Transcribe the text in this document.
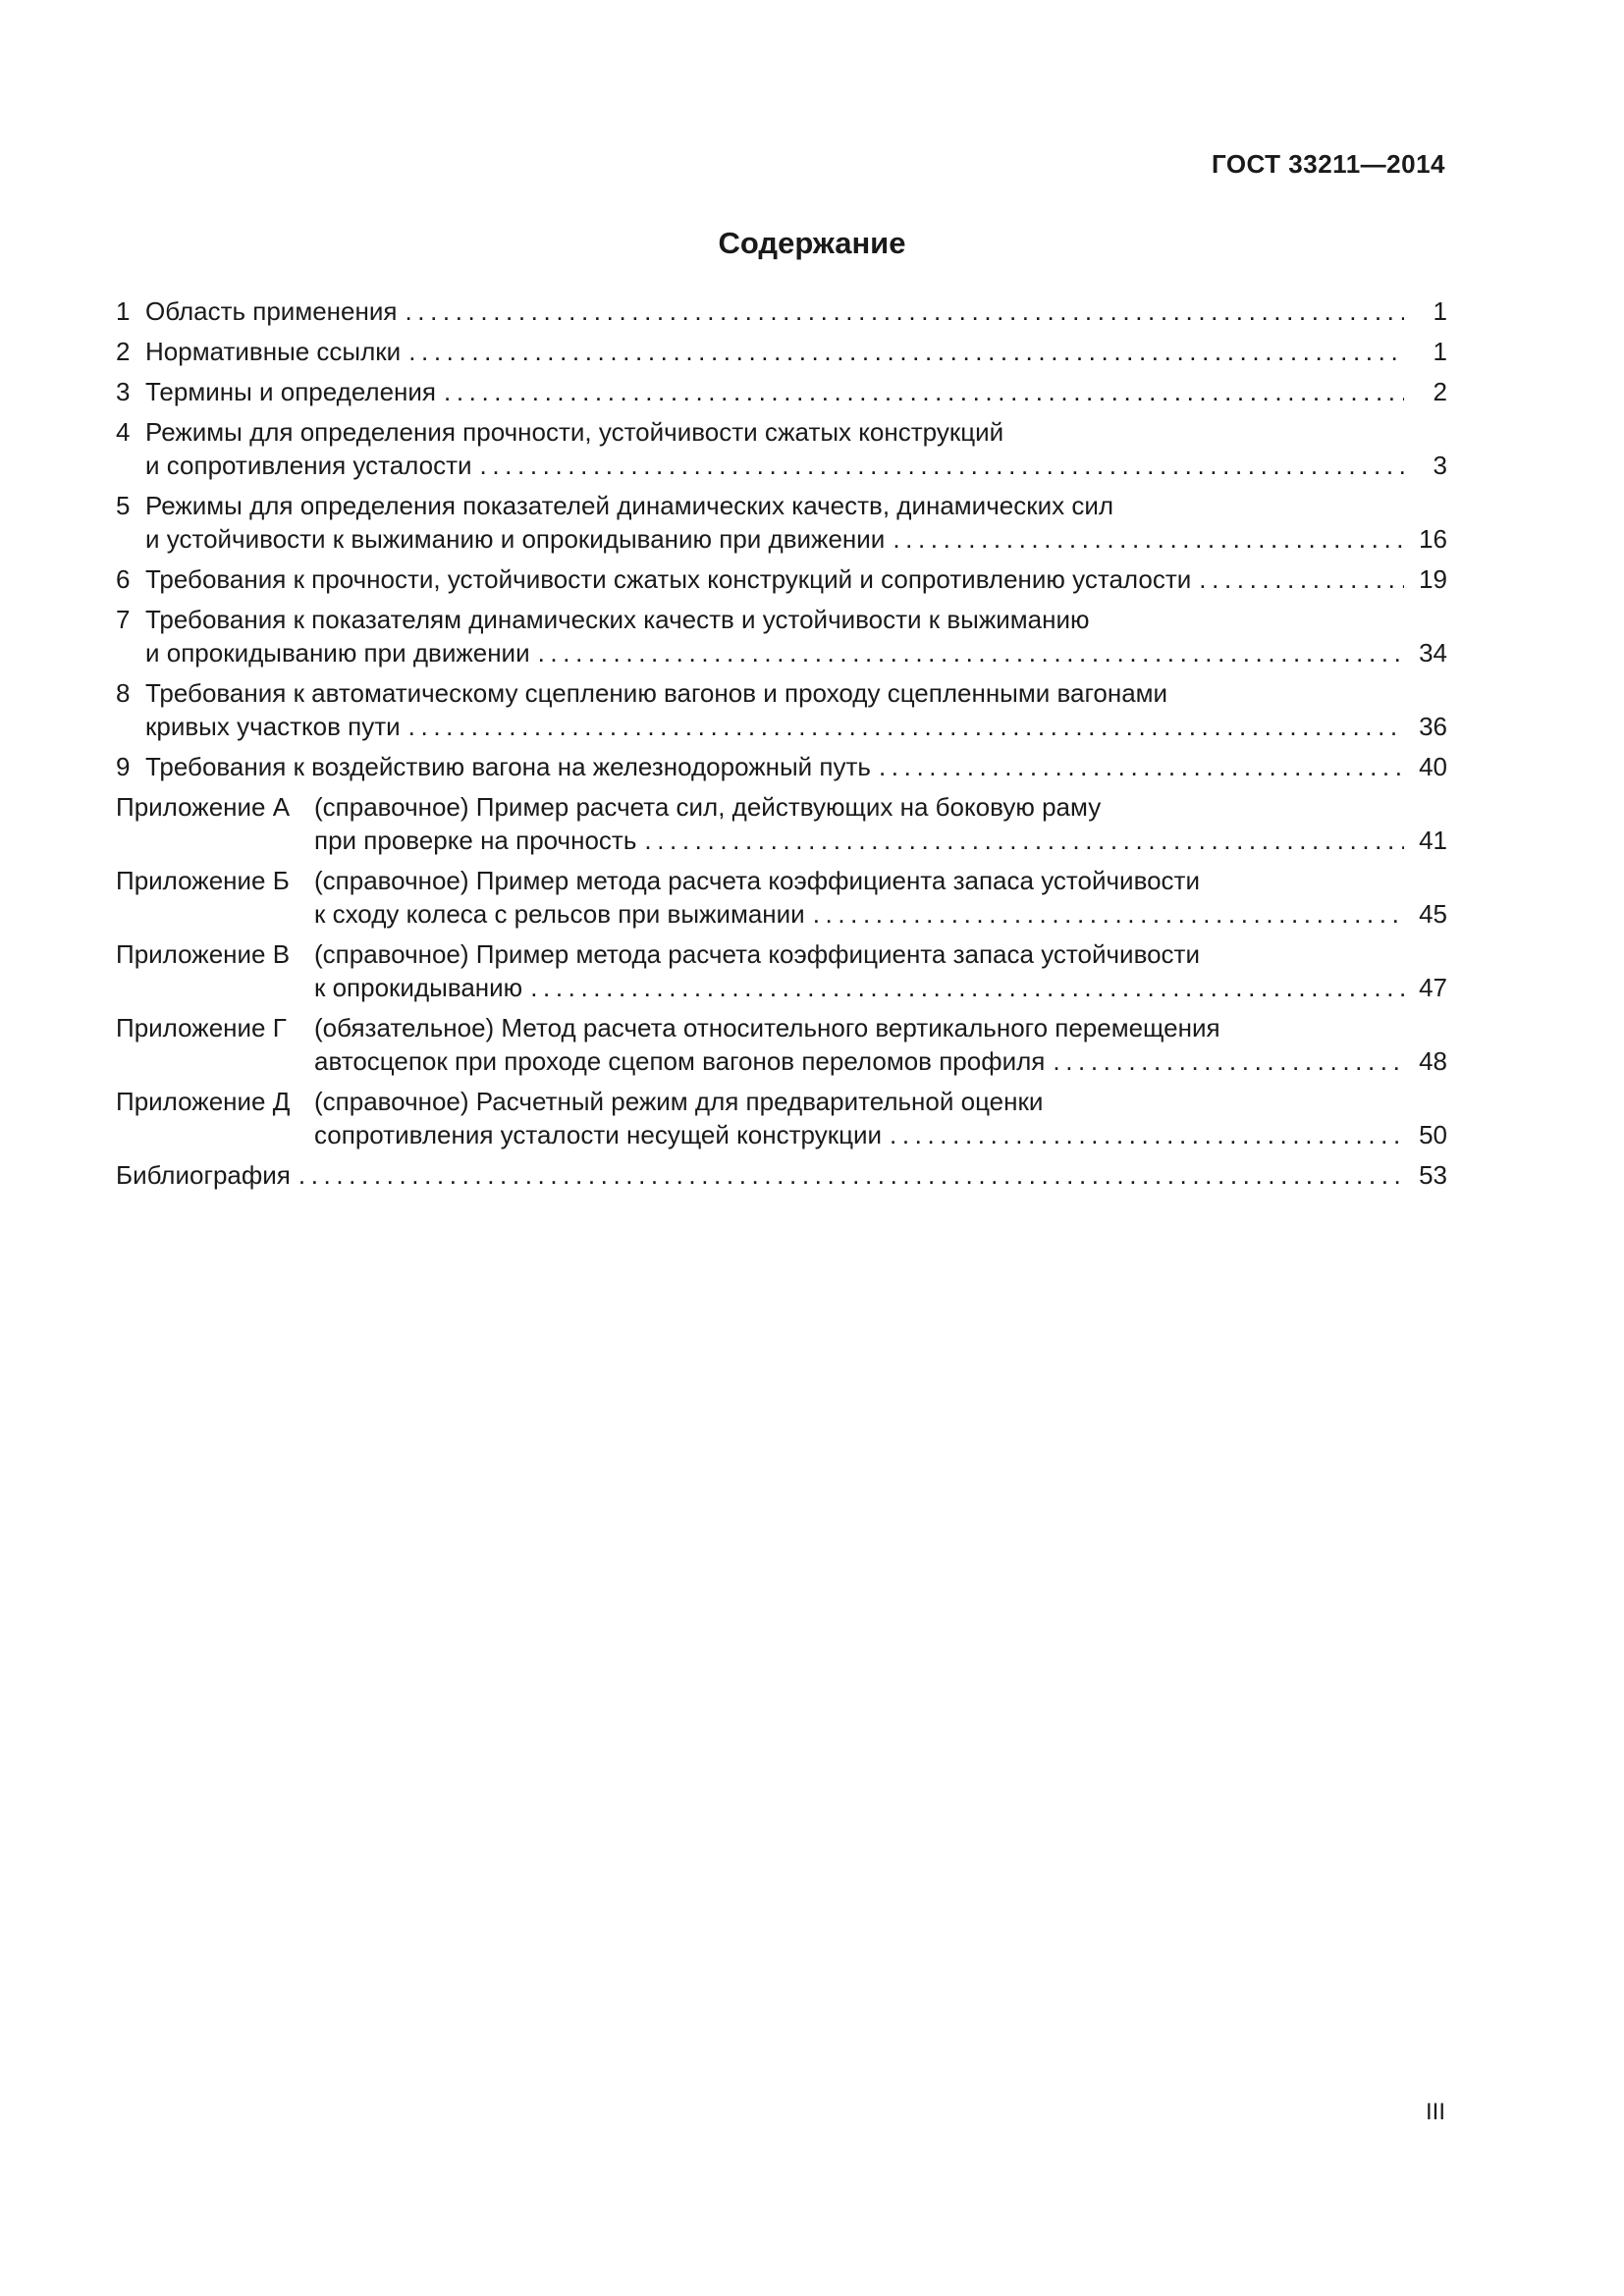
ГОСТ 33211—2014
Содержание
1 Область применения .....	1
2 Нормативные ссылки .....	1
3 Термины и определения .....	2
4 Режимы для определения прочности, устойчивости сжатых конструкций
и сопротивления усталости .....	3
5 Режимы для определения показателей динамических качеств, динамических сил
и устойчивости к выжиманию и опрокидыванию при движении .....	16
6 Требования к прочности, устойчивости сжатых конструкций и сопротивлению усталости .....	19
7 Требования к показателям динамических качеств и устойчивости к выжиманию
и опрокидыванию при движении .....	34
8 Требования к автоматическому сцеплению вагонов и проходу сцепленными вагонами
кривых участков пути .....	36
9 Требования к воздействию вагона на железнодорожный путь .....	40
Приложение А (справочное) Пример расчета сил, действующих на боковую раму
при проверке на прочность .....	41
Приложение Б (справочное) Пример метода расчета коэффициента запаса устойчивости
к сходу колеса с рельсов при выжимании .....	45
Приложение В (справочное) Пример метода расчета коэффициента запаса устойчивости
к опрокидыванию .....	47
Приложение Г	(обязательное) Метод расчета относительного вертикального перемещения
автосцепок при проходе сцепом вагонов переломов профиля .....	48
Приложение Д (справочное) Расчетный режим для предварительной оценки
сопротивления усталости несущей конструкции .....	50
Библиография .....	53
III
